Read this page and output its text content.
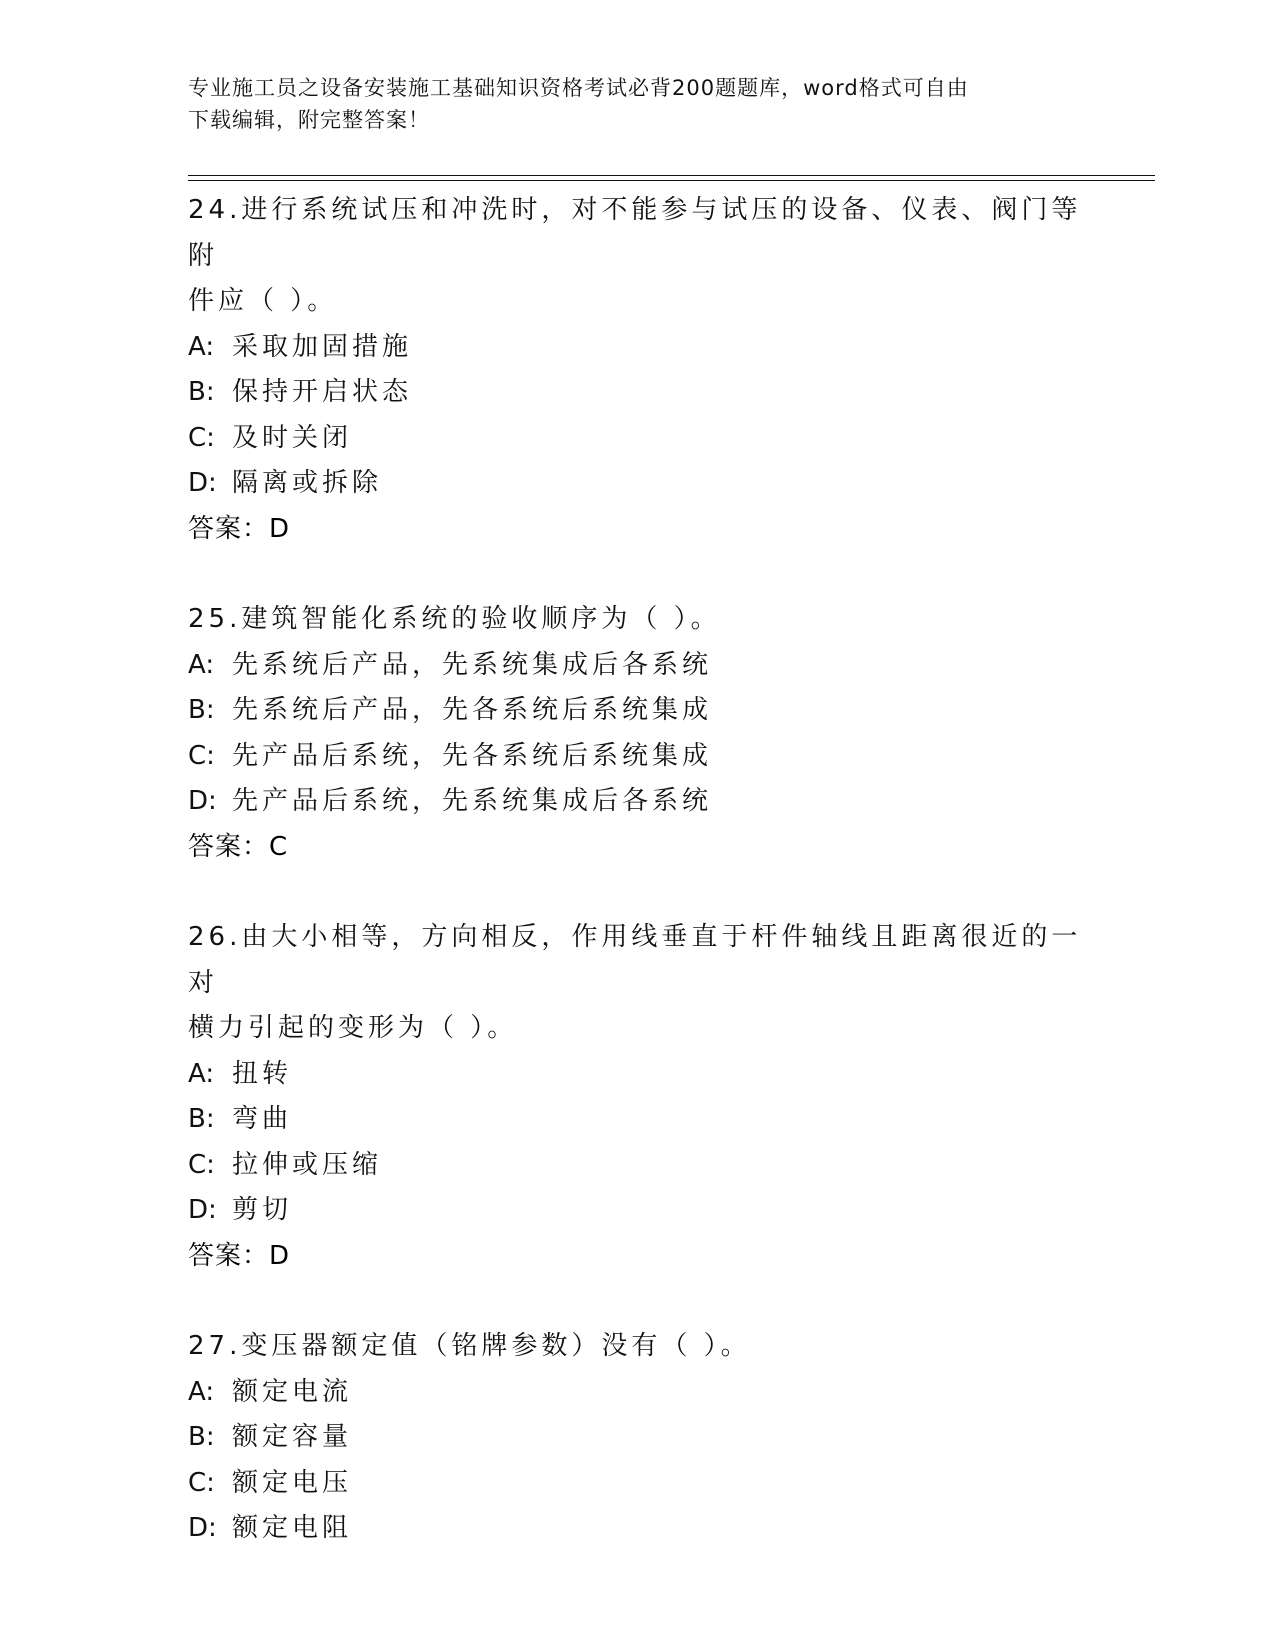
专业施工员之设备安装施工基础知识资格考试必背200题题库，word格式可自由
下载编辑，附完整答案！

24.进行系统试压和冲洗时，对不能参与试压的设备、仪表、阀门等附

件应（ ）。

A: 采取加固措施

B: 保持开启状态

C: 及时关闭

D: 隔离或拆除

答案：D

25.建筑智能化系统的验收顺序为（ ）。

A: 先系统后产品，先系统集成后各系统

B: 先系统后产品，先各系统后系统集成

C: 先产品后系统，先各系统后系统集成

D: 先产品后系统，先系统集成后各系统

答案：C

26.由大小相等，方向相反，作用线垂直于杆件轴线且距离很近的一对

横力引起的变形为（ ）。

A: 扭转

B: 弯曲

C: 拉伸或压缩

D: 剪切

答案：D

27.变压器额定值（铭牌参数）没有（ ）。

A: 额定电流

B: 额定容量

C: 额定电压

D: 额定电阻
